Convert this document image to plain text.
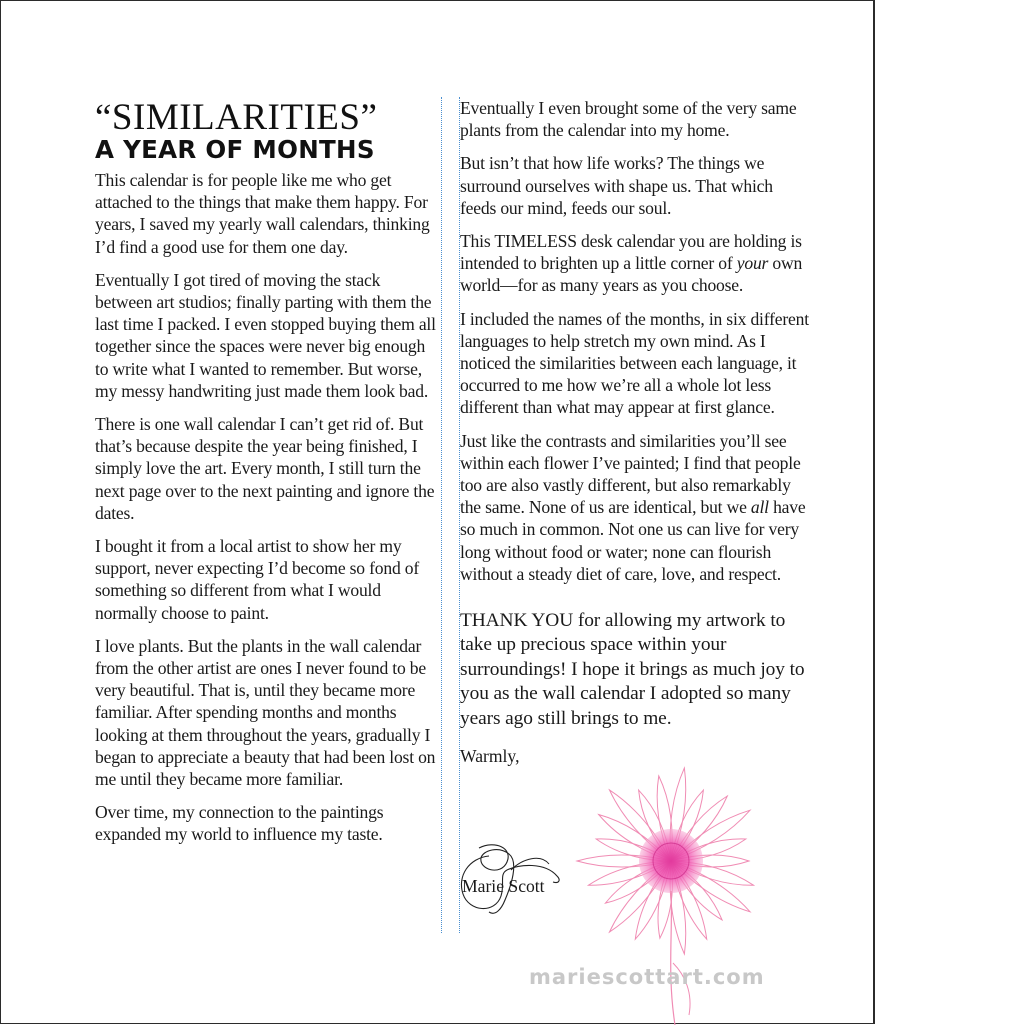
“SIMILARITIES”
A YEAR OF MONTHS

This calendar is for people like me who get attached to the things that make them happy. For years, I saved my yearly wall calendars, thinking I’d find a good use for them one day.

Eventually I got tired of moving the stack between art studios; finally parting with them the last time I packed. I even stopped buying them all together since the spaces were never big enough to write what I wanted to remember. But worse, my messy handwriting just made them look bad.

There is one wall calendar I can’t get rid of. But that’s because despite the year being finished, I simply love the art. Every month, I still turn the next page over to the next painting and ignore the dates.

I bought it from a local artist to show her my support, never expecting I’d become so fond of something so different from what I would normally choose to paint.

I love plants. But the plants in the wall calendar from the other artist are ones I never found to be very beautiful. That is, until they became more familiar. After spending months and months looking at them throughout the years, gradually I began to appreciate a beauty that had been lost on me until they became more familiar.

Over time, my connection to the paintings expanded my world to influence my taste.

Eventually I even brought some of the very same plants from the calendar into my home.

But isn’t that how life works? The things we surround ourselves with shape us. That which feeds our mind, feeds our soul.

This TIMELESS desk calendar you are holding is intended to brighten up a little corner of your own world—for as many years as you choose.

I included the names of the months, in six different languages to help stretch my own mind. As I noticed the similarities between each language, it occurred to me how we’re all a whole lot less different than what may appear at first glance.

Just like the contrasts and similarities you’ll see within each flower I’ve painted; I find that people too are also vastly different, but also remarkably the same. None of us are identical, but we all have so much in common. Not one us can live for very long without food or water; none can flourish without a steady diet of care, love, and respect.

THANK YOU for allowing my artwork to take up precious space within your surroundings! I hope it brings as much joy to you as the wall calendar I adopted so many years ago still brings to me.

Warmly,

Marie Scott
mariescottart.com
